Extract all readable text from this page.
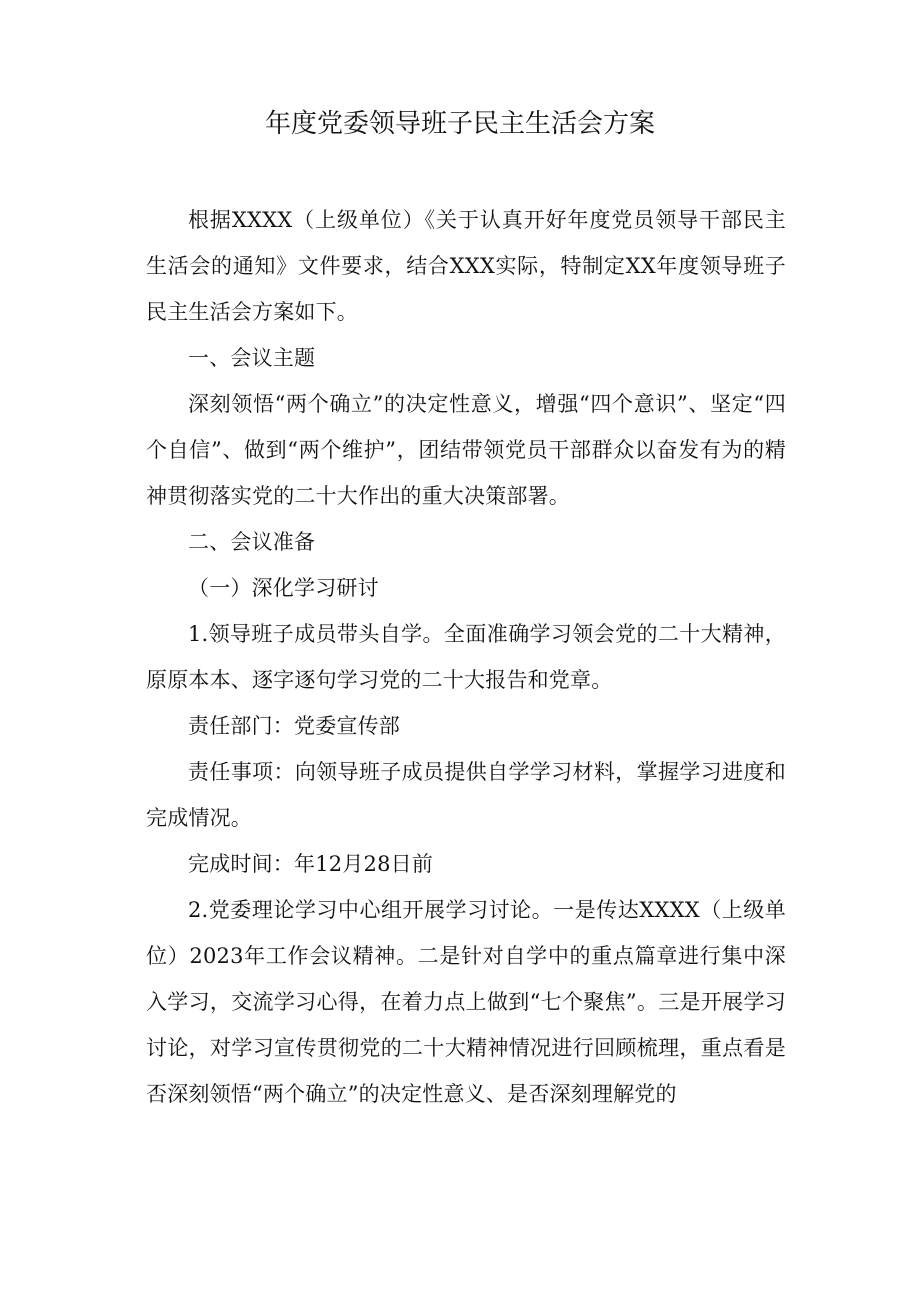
年度党委领导班子民主生活会方案

根据XXXX（上级单位）《关于认真开好年度党员领导干部民主生活会的通知》文件要求，结合XXX实际，特制定XX年度领导班子民主生活会方案如下。

一、会议主题

深刻领悟“两个确立”的决定性意义，增强“四个意识”、坚定“四个自信”、做到“两个维护”，团结带领党员干部群众以奋发有为的精神贯彻落实党的二十大作出的重大决策部署。

二、会议准备

（一）深化学习研讨

1.领导班子成员带头自学。全面准确学习领会党的二十大精神，原原本本、逐字逐句学习党的二十大报告和党章。

责任部门：党委宣传部

责任事项：向领导班子成员提供自学学习材料，掌握学习进度和完成情况。

完成时间：年12月28日前

2.党委理论学习中心组开展学习讨论。一是传达XXXX（上级单位）2023年工作会议精神。二是针对自学中的重点篇章进行集中深入学习，交流学习心得，在着力点上做到“七个聚焦”。三是开展学习讨论，对学习宣传贯彻党的二十大精神情况进行回顾梳理，重点看是否深刻领悟“两个确立”的决定性意义、是否深刻理解党的
